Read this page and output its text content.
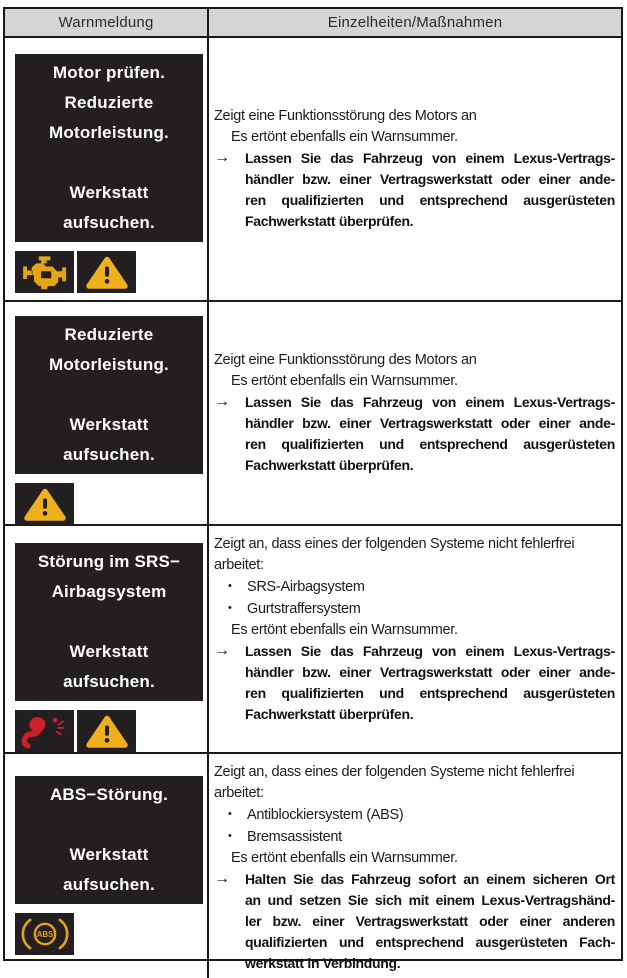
Warnmeldung	Einzelheiten/Maßnahmen
Motor prüfen.
Reduzierte
Motorleistung.
Werkstatt
aufsuchen.
Zeigt eine Funktionsstörung des Motors an
Es ertönt ebenfalls ein Warnsummer.
→ Lassen Sie das Fahrzeug von einem Lexus-Vertrags-
händler bzw. einer Vertragswerkstatt oder einer ande-
ren qualifizierten und entsprechend ausgerüsteten
Fachwerkstatt überprüfen.
Reduzierte
Motorleistung.
Werkstatt
aufsuchen.
Zeigt eine Funktionsstörung des Motors an
Es ertönt ebenfalls ein Warnsummer.
→ Lassen Sie das Fahrzeug von einem Lexus-Vertrags-
händler bzw. einer Vertragswerkstatt oder einer ande-
ren qualifizierten und entsprechend ausgerüsteten
Fachwerkstatt überprüfen.
Störung im SRS−
Airbagsystem
Werkstatt
aufsuchen.
Zeigt an, dass eines der folgenden Systeme nicht fehlerfrei
arbeitet:
• SRS-Airbagsystem
• Gurtstraffersystem
Es ertönt ebenfalls ein Warnsummer.
→ Lassen Sie das Fahrzeug von einem Lexus-Vertrags-
händler bzw. einer Vertragswerkstatt oder einer ande-
ren qualifizierten und entsprechend ausgerüsteten
Fachwerkstatt überprüfen.
ABS−Störung.
Werkstatt
aufsuchen.
ABS
Zeigt an, dass eines der folgenden Systeme nicht fehlerfrei
arbeitet:
• Antiblockiersystem (ABS)
• Bremsassistent
Es ertönt ebenfalls ein Warnsummer.
→ Halten Sie das Fahrzeug sofort an einem sicheren Ort
an und setzen Sie sich mit einem Lexus-Vertragshänd-
ler bzw. einer Vertragswerkstatt oder einer anderen
qualifizierten und entsprechend ausgerüsteten Fach-
werkstatt in Verbindung.
